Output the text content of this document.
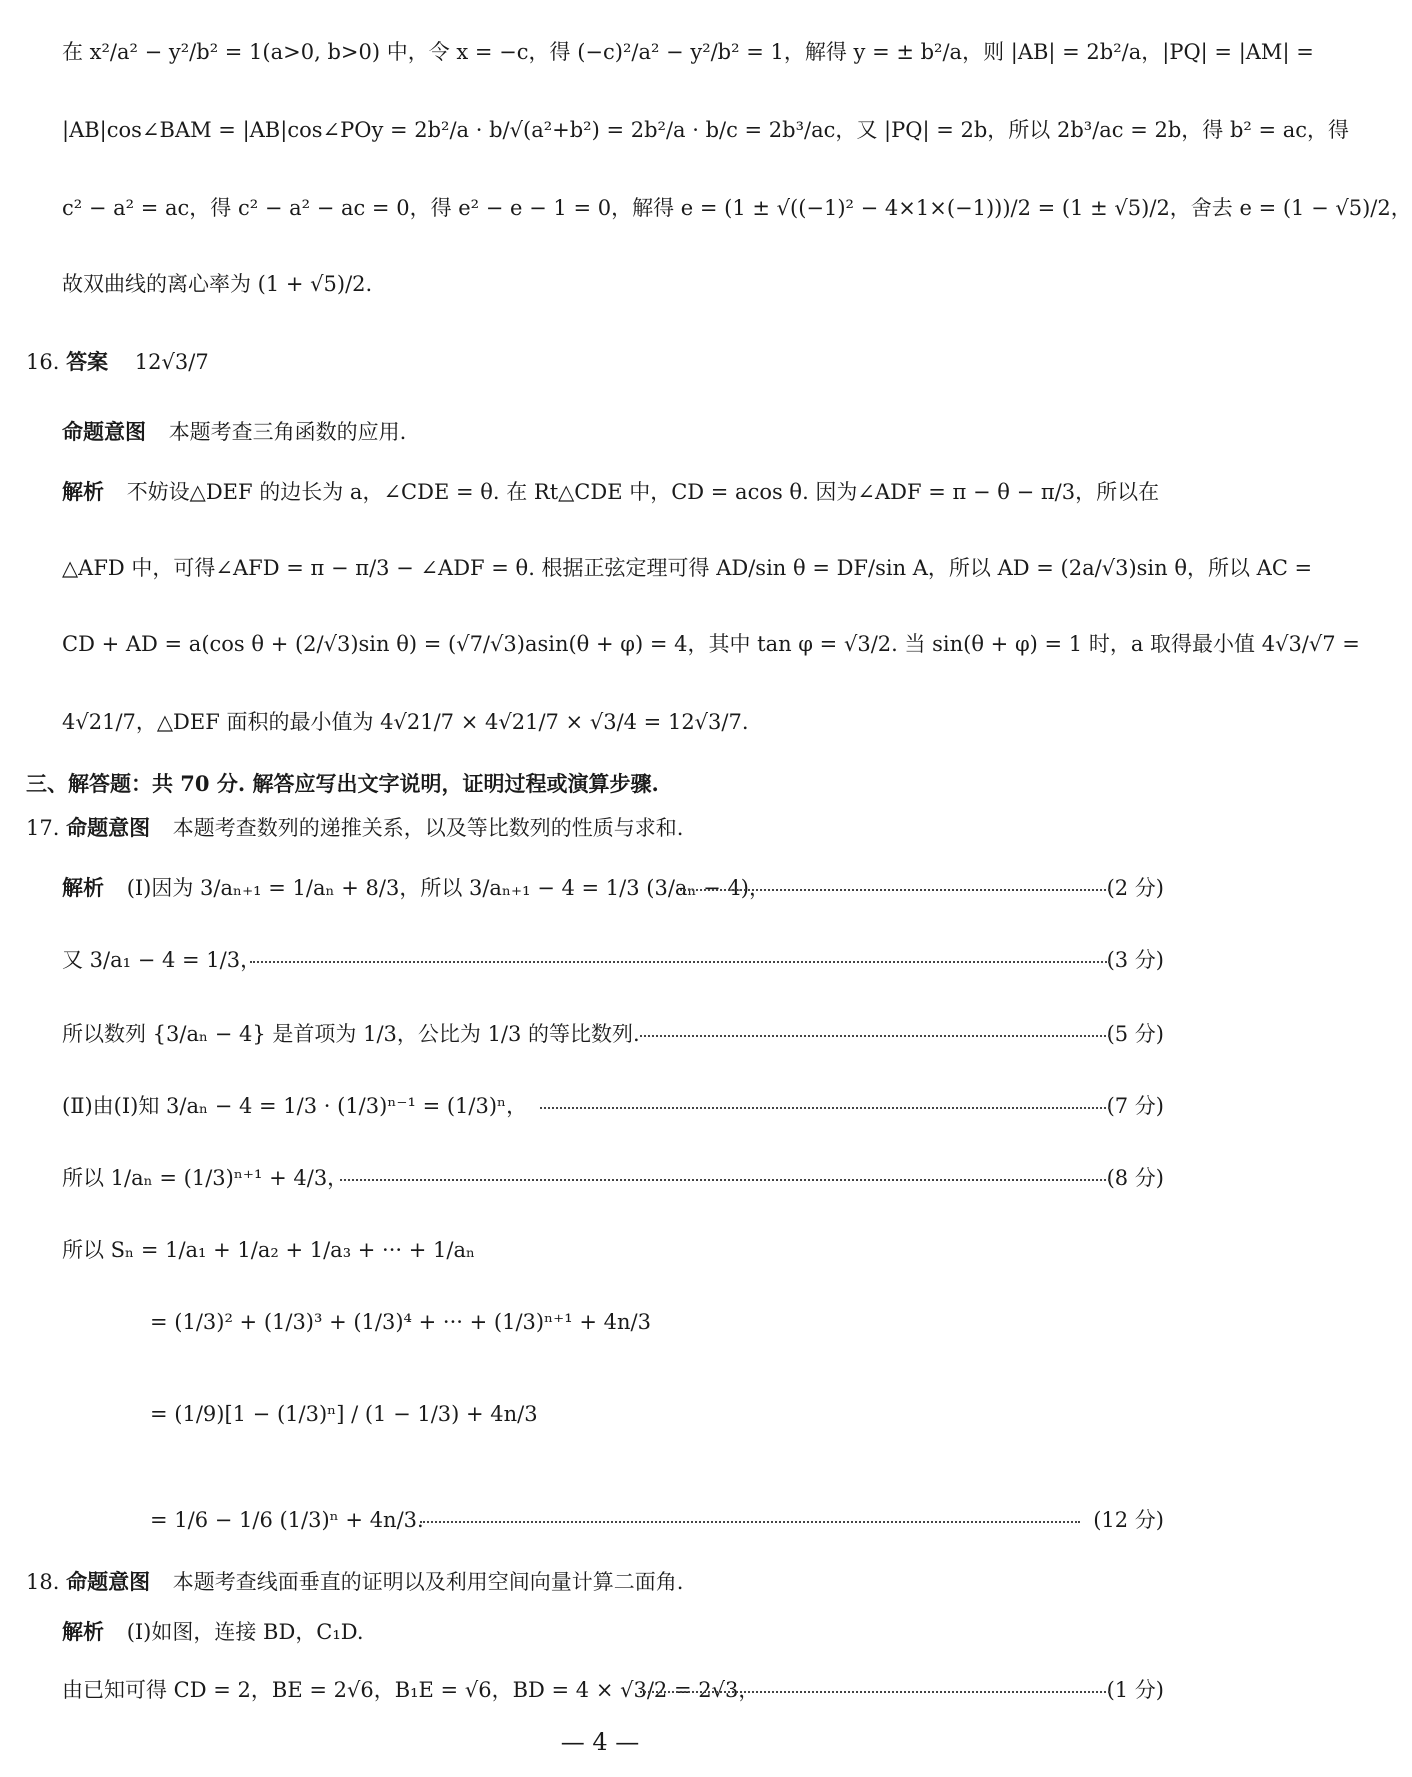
在 x²/a² − y²/b² = 1(a>0, b>0) 中，令 x = −c，得 (−c)²/a² − y²/b² = 1，解得 y = ± b²/a，则 |AB| = 2b²/a，|PQ| = |AM| =
|AB|cos∠BAM = |AB|cos∠POy = 2b²/a · b/√(a²+b²) = 2b²/a · b/c = 2b³/ac，又 |PQ| = 2b，所以 2b³/ac = 2b，得 b² = ac，得
c² − a² = ac，得 c² − a² − ac = 0，得 e² − e − 1 = 0，解得 e = (1 ± √((−1)² − 4×1×(−1)))/2 = (1 ± √5)/2，舍去 e = (1 − √5)/2，
故双曲线的离心率为 (1 + √5)/2.
16. 答案 12√3/7
命题意图 本题考查三角函数的应用.
解析 不妨设△DEF 的边长为 a，∠CDE = θ. 在 Rt△CDE 中，CD = acos θ. 因为∠ADF = π − θ − π/3，所以在
△AFD 中，可得∠AFD = π − π/3 − ∠ADF = θ. 根据正弦定理可得 AD/sin θ = DF/sin A，所以 AD = (2a/√3)sin θ，所以 AC =
CD + AD = a(cos θ + (2/√3)sin θ) = (√7/√3)asin(θ + φ) = 4，其中 tan φ = √3/2. 当 sin(θ + φ) = 1 时，a 取得最小值 4√3/√7 =
4√21/7，△DEF 面积的最小值为 4√21/7 × 4√21/7 × √3/4 = 12√3/7.
三、解答题：共 70 分. 解答应写出文字说明，证明过程或演算步骤.
17. 命题意图 本题考查数列的递推关系，以及等比数列的性质与求和.
解析 (Ⅰ)因为 3/aₙ₊₁ = 1/aₙ + 8/3，所以 3/aₙ₊₁ − 4 = 1/3 (3/aₙ − 4)，	(2 分)
又 3/a₁ − 4 = 1/3，	(3 分)
所以数列 {3/aₙ − 4} 是首项为 1/3，公比为 1/3 的等比数列.	(5 分)
(Ⅱ)由(Ⅰ)知 3/aₙ − 4 = 1/3 · (1/3)ⁿ⁻¹ = (1/3)ⁿ，	(7 分)
所以 1/aₙ = (1/3)ⁿ⁺¹ + 4/3，	(8 分)
所以 Sₙ = 1/a₁ + 1/a₂ + 1/a₃ + ··· + 1/aₙ
= (1/3)² + (1/3)³ + (1/3)⁴ + ··· + (1/3)ⁿ⁺¹ + 4n/3
= (1/9)[1 − (1/3)ⁿ] / (1 − 1/3) + 4n/3
= 1/6 − 1/6 (1/3)ⁿ + 4n/3.	(12 分)
18. 命题意图 本题考查线面垂直的证明以及利用空间向量计算二面角.
解析 (Ⅰ)如图，连接 BD，C₁D.
由已知可得 CD = 2，BE = 2√6，B₁E = √6，BD = 4 × √3/2 = 2√3，	(1 分)
— 4 —
